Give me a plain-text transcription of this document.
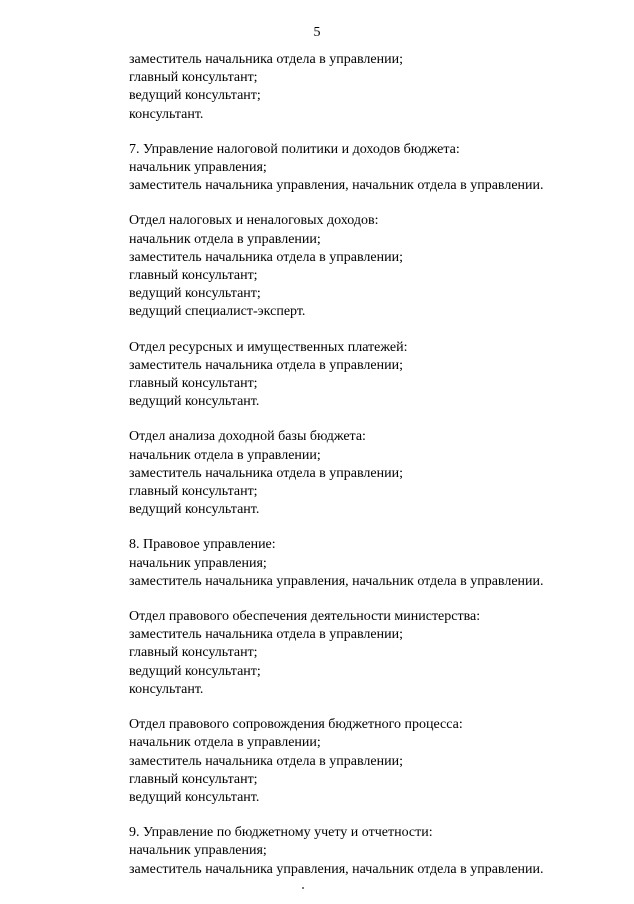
5
заместитель начальника отдела в управлении;
главный консультант;
ведущий консультант;
консультант.
7. Управление налоговой политики и доходов бюджета:
начальник управления;
заместитель начальника управления, начальник отдела в управлении.
Отдел налоговых и неналоговых доходов:
начальник отдела в управлении;
заместитель начальника отдела в управлении;
главный консультант;
ведущий консультант;
ведущий специалист-эксперт.
Отдел ресурсных и имущественных платежей:
заместитель начальника отдела в управлении;
главный консультант;
ведущий консультант.
Отдел анализа доходной базы бюджета:
начальник отдела в управлении;
заместитель начальника отдела в управлении;
главный консультант;
ведущий консультант.
8. Правовое управление:
начальник управления;
заместитель начальника управления, начальник отдела в управлении.
Отдел правового обеспечения деятельности министерства:
заместитель начальника отдела в управлении;
главный консультант;
ведущий консультант;
консультант.
Отдел правового сопровождения бюджетного процесса:
начальник отдела в управлении;
заместитель начальника отдела в управлении;
главный консультант;
ведущий консультант.
9. Управление по бюджетному учету и отчетности:
начальник управления;
заместитель начальника управления, начальник отдела в управлении.
